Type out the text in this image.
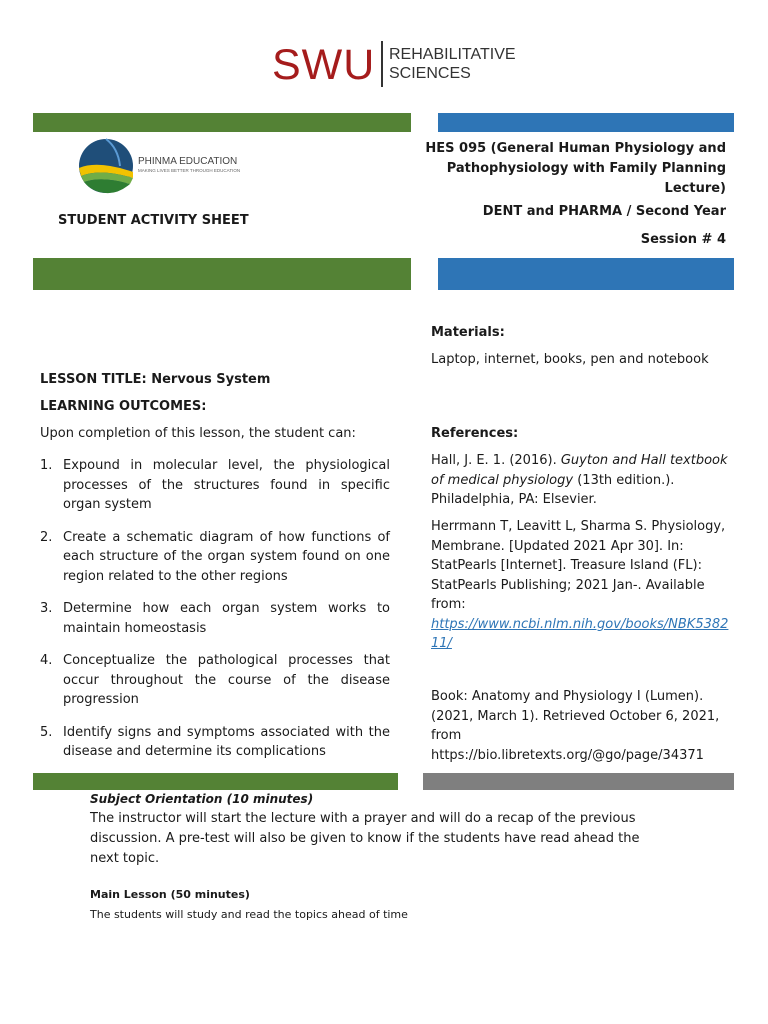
SWU REHABILITATIVE
SCIENCES
PHINMA EDUCATION
MAKING LIVES BETTER THROUGH EDUCATION
STUDENT ACTIVITY SHEET
HES 095 (General Human Physiology and Pathophysiology with Family Planning Lecture)
DENT and PHARMA / Second Year
Session # 4
LESSON TITLE: Nervous System
LEARNING OUTCOMES:
Upon completion of this lesson, the student can:
1. Expound in molecular level, the physiological processes of the structures found in specific organ system
2. Create a schematic diagram of how functions of each structure of the organ system found on one region related to the other regions
3. Determine how each organ system works to maintain homeostasis
4. Conceptualize the pathological processes that occur throughout the course of the disease progression
5. Identify signs and symptoms associated with the disease and determine its complications
Materials:
Laptop, internet, books, pen and notebook
References:
Hall, J. E. 1. (2016). Guyton and Hall textbook of medical physiology (13th edition.). Philadelphia, PA: Elsevier.
Herrmann T, Leavitt L, Sharma S. Physiology, Membrane. [Updated 2021 Apr 30]. In: StatPearls [Internet]. Treasure Island (FL): StatPearls Publishing; 2021 Jan-. Available from:
https://www.ncbi.nlm.nih.gov/books/NBK538211/
Book: Anatomy and Physiology I (Lumen). (2021, March 1). Retrieved October 6, 2021, from https://bio.libretexts.org/@go/page/34371
Subject Orientation (10 minutes)
The instructor will start the lecture with a prayer and will do a recap of the previous discussion. A pre-test will also be given to know if the students have read ahead the next topic.
Main Lesson (50 minutes)
The students will study and read the topics ahead of time
